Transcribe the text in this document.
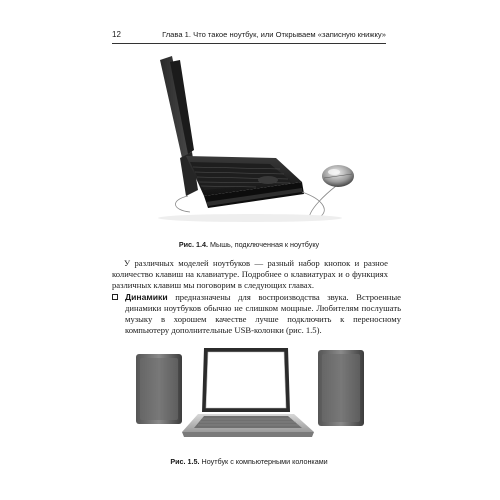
12	Глава 1. Что такое ноутбук, или Открываем «записную книжку»
Рис. 1.4. Мышь, подключенная к ноутбуку

У различных моделей ноутбуков — разный набор кнопок и разное количество клавиш на клавиатуре. Подробнее о клавиатурах и о функциях различных клавиш мы поговорим в следующих главах.

Динамики предназначены для воспроизводства звука. Встроенные динамики ноутбуков обычно не слишком мощные. Любителям послушать музыку в хорошем качестве лучше подключить к переносному компьютеру дополнительные USB-колонки (рис. 1.5).
Рис. 1.5. Ноутбук с компьютерными колонками
